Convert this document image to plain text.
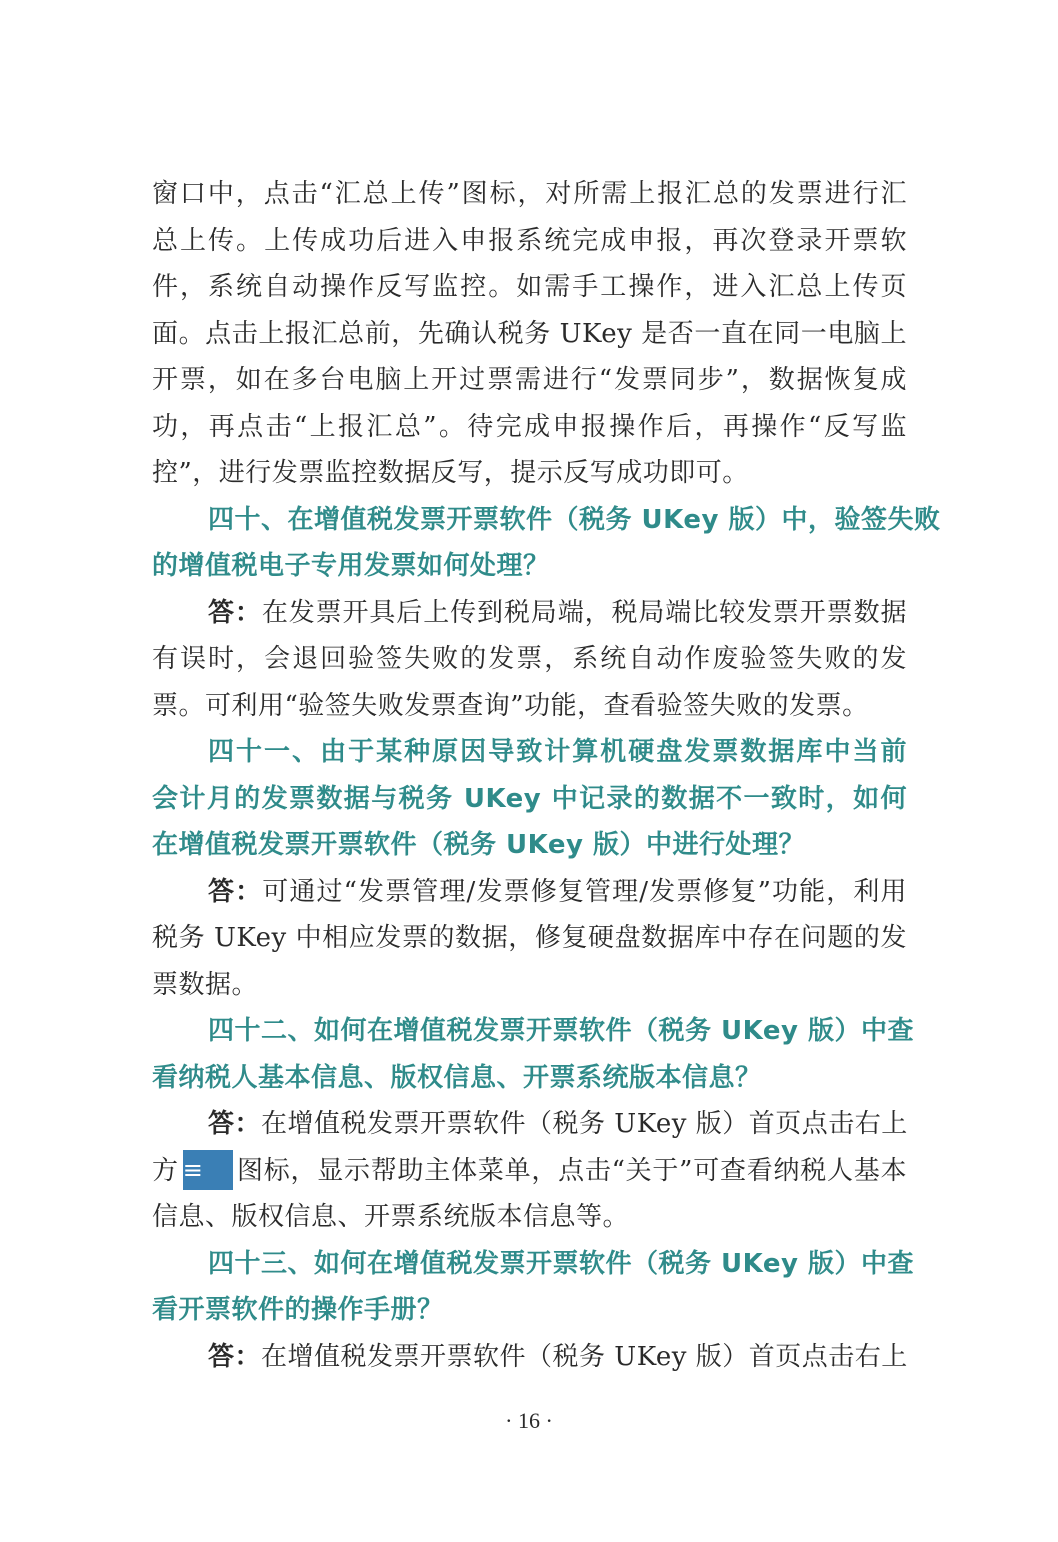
窗口中，点击“汇总上传”图标，对所需上报汇总的发票进行汇
总上传。上传成功后进入申报系统完成申报，再次登录开票软
件，系统自动操作反写监控。如需手工操作，进入汇总上传页
面。点击上报汇总前，先确认税务 UKey 是否一直在同一电脑上
开票，如在多台电脑上开过票需进行“发票同步”，数据恢复成
功，再点击“上报汇总”。待完成申报操作后，再操作“反写监
控”，进行发票监控数据反写，提示反写成功即可。
四十、在增值税发票开票软件（税务 UKey 版）中，验签失败
的增值税电子专用发票如何处理？
答：在发票开具后上传到税局端，税局端比较发票开票数据
有误时，会退回验签失败的发票，系统自动作废验签失败的发
票。可利用“验签失败发票查询”功能，查看验签失败的发票。
四十一、由于某种原因导致计算机硬盘发票数据库中当前
会计月的发票数据与税务 UKey 中记录的数据不一致时，如何
在增值税发票开票软件（税务 UKey 版）中进行处理？
答：可通过“发票管理/发票修复管理/发票修复”功能，利用
税务 UKey 中相应发票的数据，修复硬盘数据库中存在问题的发
票数据。
四十二、如何在增值税发票开票软件（税务 UKey 版）中查
看纳税人基本信息、版权信息、开票系统版本信息？
答：在增值税发票开票软件（税务 UKey 版）首页点击右上
方 ≡ 图标，显示帮助主体菜单，点击“关于”可查看纳税人基本
信息、版权信息、开票系统版本信息等。
四十三、如何在增值税发票开票软件（税务 UKey 版）中查
看开票软件的操作手册？
答：在增值税发票开票软件（税务 UKey 版）首页点击右上
· 16 ·
